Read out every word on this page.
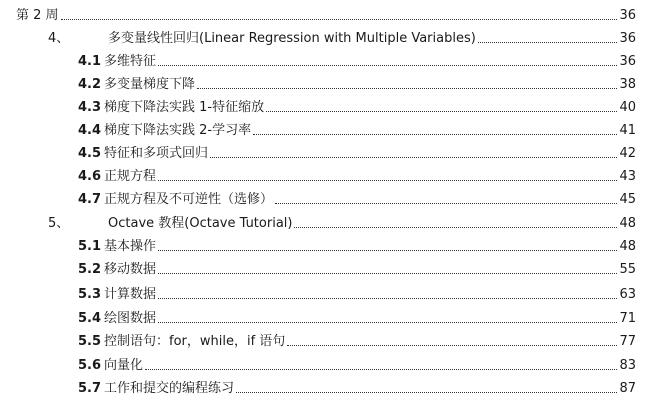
第 2 周	36
4、	多变量线性回归(Linear Regression with Multiple Variables)	36
4.1 多维特征	36
4.2 多变量梯度下降	38
4.3 梯度下降法实践 1-特征缩放	40
4.4 梯度下降法实践 2-学习率	41
4.5 特征和多项式回归	42
4.6 正规方程	43
4.7 正规方程及不可逆性（选修）	45
5、	Octave 教程(Octave Tutorial)	48
5.1 基本操作	48
5.2 移动数据	55
5.3 计算数据	63
5.4 绘图数据	71
5.5 控制语句：for，while，if 语句	77
5.6 向量化	83
5.7 工作和提交的编程练习	87
